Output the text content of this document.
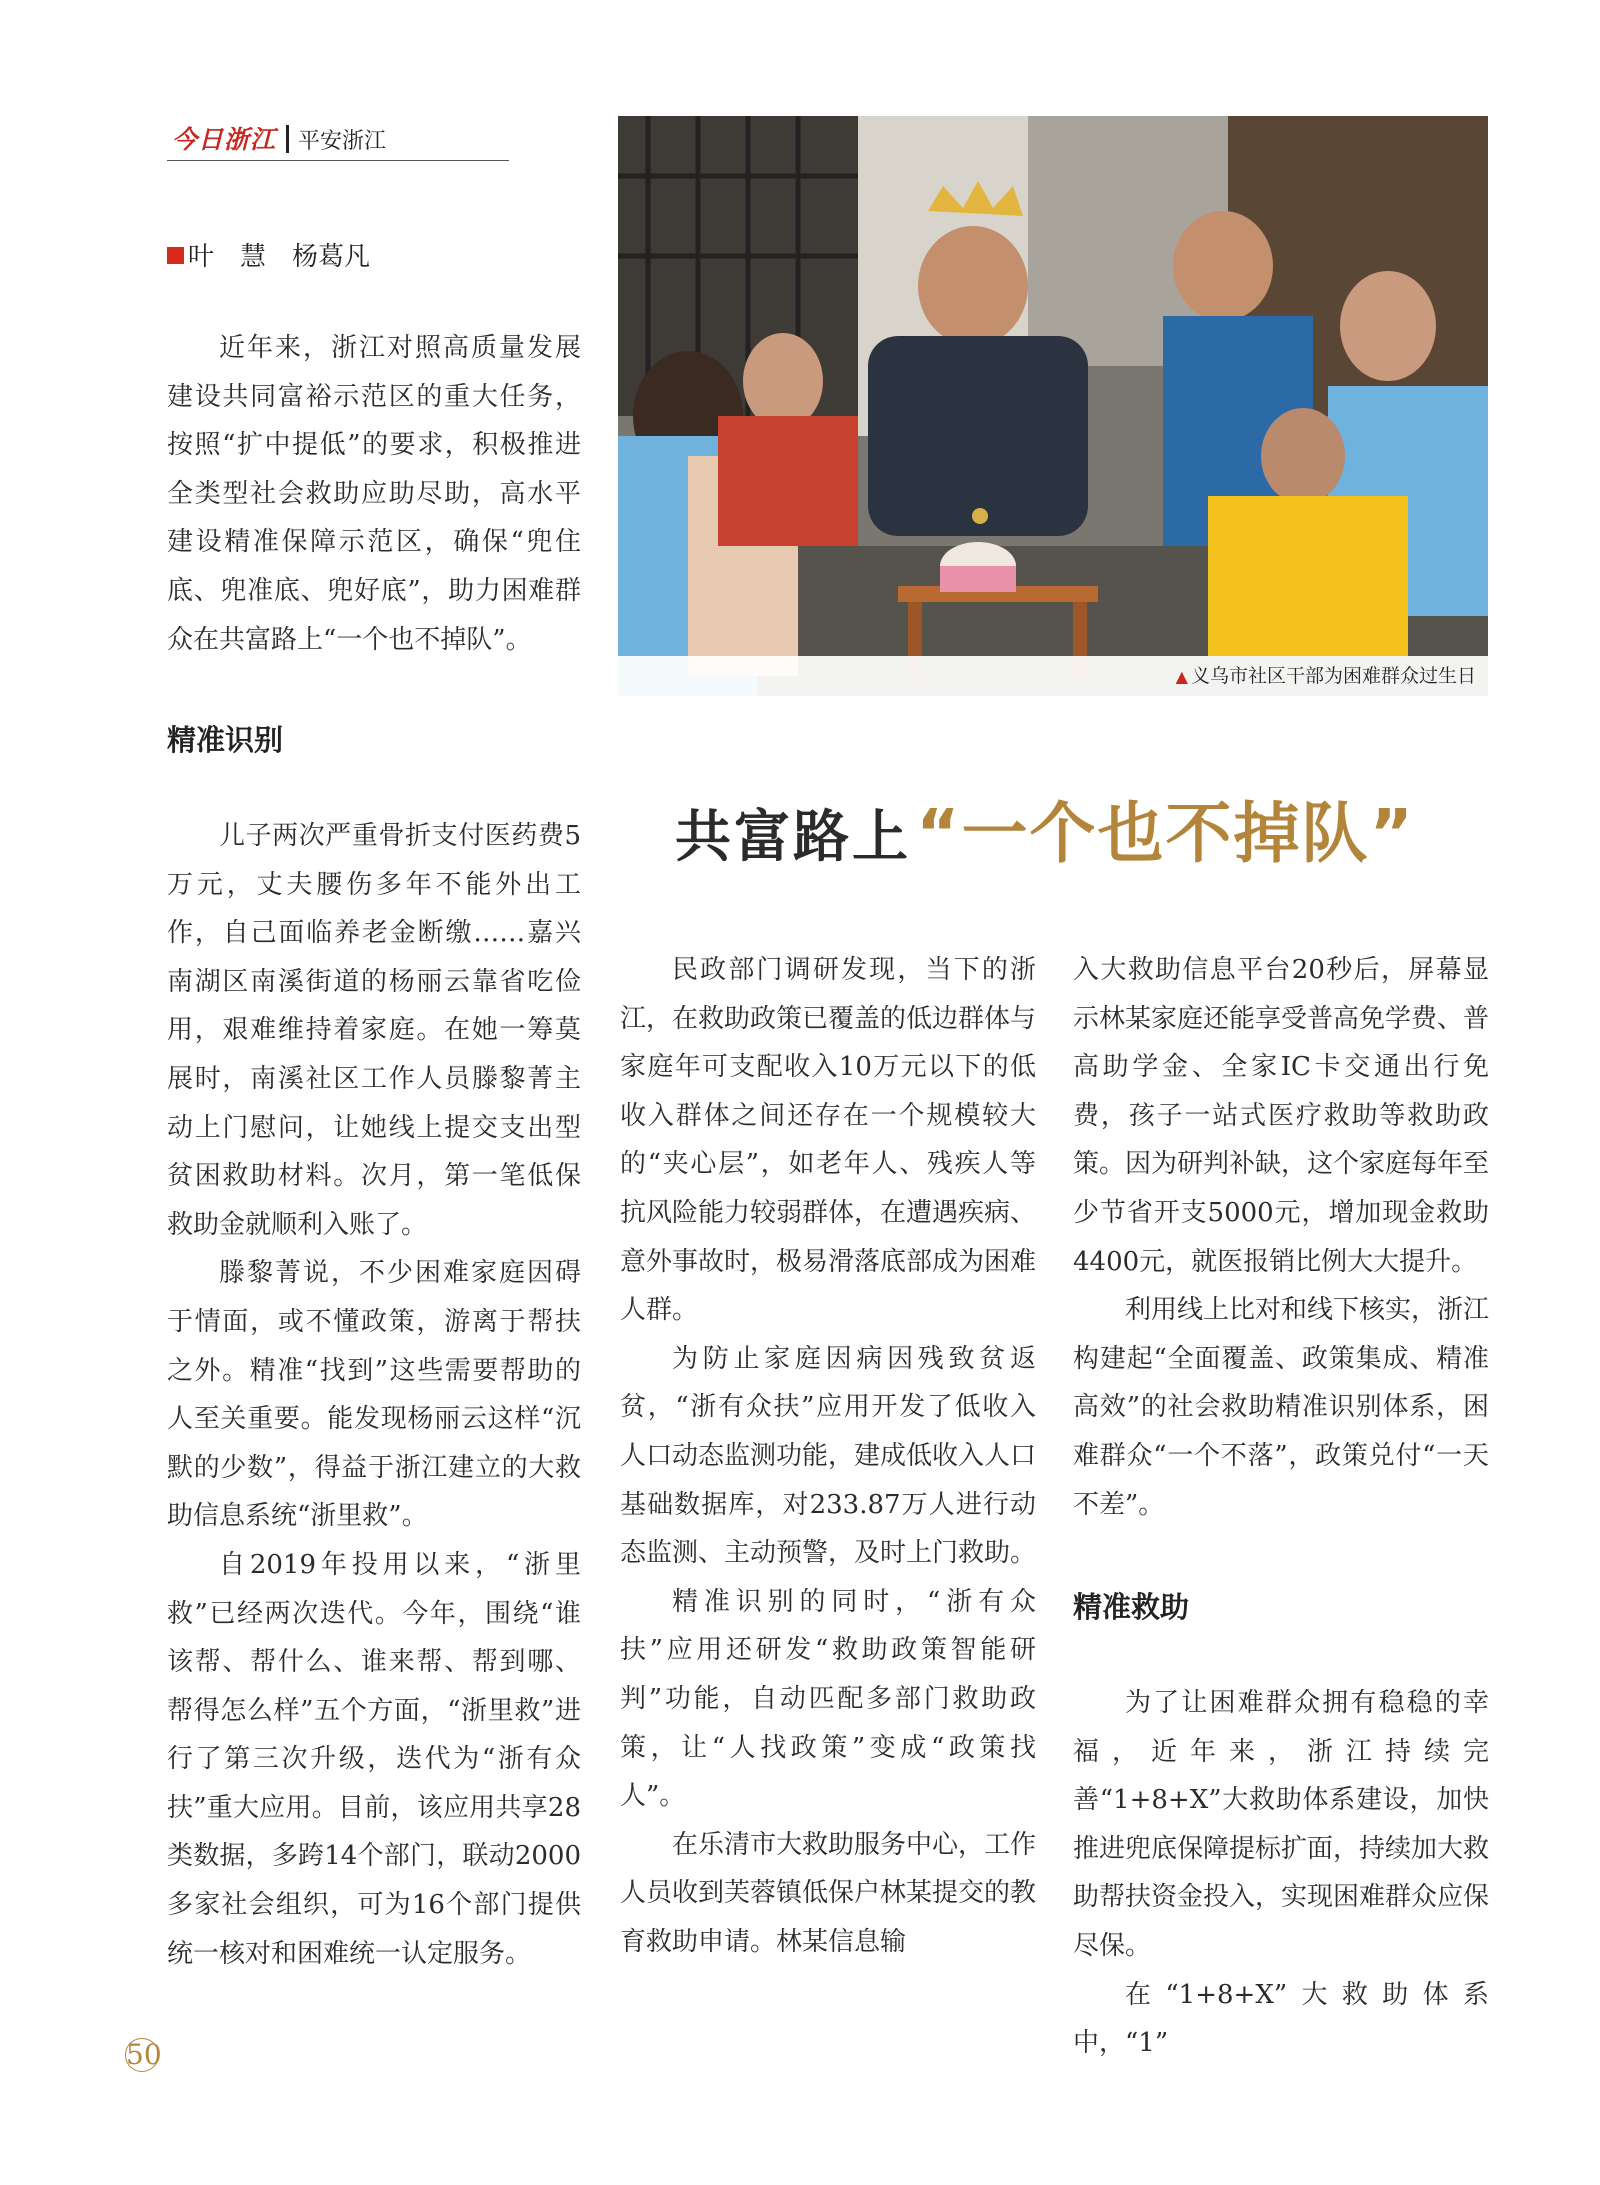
今日浙江 平安浙江
叶　慧　杨葛凡

近年来，浙江对照高质量发展建设共同富裕示范区的重大任务，按照“扩中提低”的要求，积极推进全类型社会救助应助尽助，高水平建设精准保障示范区，确保“兜住底、兜准底、兜好底”，助力困难群众在共富路上“一个也不掉队”。

精准识别

儿子两次严重骨折支付医药费5万元，丈夫腰伤多年不能外出工作，自己面临养老金断缴……嘉兴南湖区南溪街道的杨丽云靠省吃俭用，艰难维持着家庭。在她一筹莫展时，南溪社区工作人员滕黎菁主动上门慰问，让她线上提交支出型贫困救助材料。次月，第一笔低保救助金就顺利入账了。

滕黎菁说，不少困难家庭因碍于情面，或不懂政策，游离于帮扶之外。精准“找到”这些需要帮助的人至关重要。能发现杨丽云这样“沉默的少数”，得益于浙江建立的大救助信息系统“浙里救”。

自2019年投用以来，“浙里救”已经两次迭代。今年，围绕“谁该帮、帮什么、谁来帮、帮到哪、帮得怎么样”五个方面，“浙里救”进行了第三次升级，迭代为“浙有众扶”重大应用。目前，该应用共享28类数据，多跨14个部门，联动2000多家社会组织，可为16个部门提供统一核对和困难统一认定服务。

▲ 义乌市社区干部为困难群众过生日
共富路上 “一个也不掉队”

民政部门调研发现，当下的浙江，在救助政策已覆盖的低边群体与家庭年可支配收入10万元以下的低收入群体之间还存在一个规模较大的“夹心层”，如老年人、残疾人等抗风险能力较弱群体，在遭遇疾病、意外事故时，极易滑落底部成为困难人群。

为防止家庭因病因残致贫返贫，“浙有众扶”应用开发了低收入人口动态监测功能，建成低收入人口基础数据库，对233.87万人进行动态监测、主动预警，及时上门救助。

精准识别的同时，“浙有众扶”应用还研发“救助政策智能研判”功能，自动匹配多部门救助政策，让“人找政策”变成“政策找人”。

在乐清市大救助服务中心，工作人员收到芙蓉镇低保户林某提交的教育救助申请。林某信息输

入大救助信息平台20秒后，屏幕显示林某家庭还能享受普高免学费、普高助学金、全家IC卡交通出行免费，孩子一站式医疗救助等救助政策。因为研判补缺，这个家庭每年至少节省开支5000元，增加现金救助4400元，就医报销比例大大提升。

利用线上比对和线下核实，浙江构建起“全面覆盖、政策集成、精准高效”的社会救助精准识别体系，困难群众“一个不落”，政策兑付“一天不差”。

精准救助

为了让困难群众拥有稳稳的幸福，近年来，浙江持续完善“1+8+X”大救助体系建设，加快推进兜底保障提标扩面，持续加大救助帮扶资金投入，实现困难群众应保尽保。

在“1+8+X”大救助体系中，“1”

50
